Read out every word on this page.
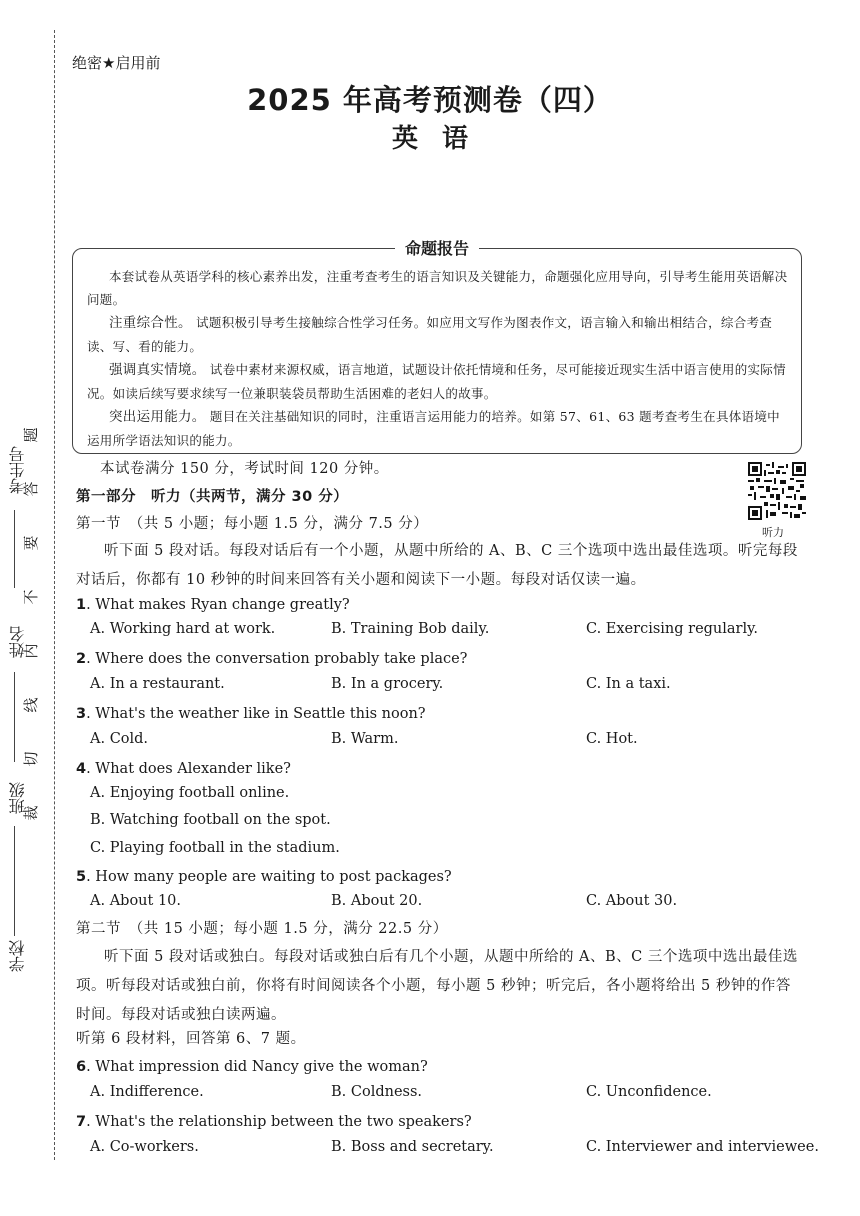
考生号
姓名
班级
学校
题
答
要
不
内
线
切
裁
绝密★启用前
2025 年高考预测卷（四）
英语
命题报告

本套试卷从英语学科的核心素养出发，注重考查考生的语言知识及关键能力，命题强化应用导向，引导考生能用英语解决问题。

注重综合性。 试题积极引导考生接触综合性学习任务。如应用文写作为图表作文，语言输入和输出相结合，综合考查读、写、看的能力。

强调真实情境。 试卷中素材来源权威，语言地道，试题设计依托情境和任务，尽可能接近现实生活中语言使用的实际情况。如读后续写要求续写一位兼职装袋员帮助生活困难的老妇人的故事。

突出运用能力。 题目在关注基础知识的同时，注重语言运用能力的培养。如第 57、61、63 题考查考生在具体语境中运用所学语法知识的能力。

本试卷满分 150 分，考试时间 120 分钟。
听力
第一部分　听力（共两节，满分 30 分）
第一节　（共 5 小题；每小题 1.5 分，满分 7.5 分）
听下面 5 段对话。每段对话后有一个小题，从题中所给的 A、B、C 三个选项中选出最佳选项。听完每段对话后，你都有 10 秒钟的时间来回答有关小题和阅读下一小题。每段对话仅读一遍。
1. What makes Ryan change greatly?
A. Working hard at work.	B. Training Bob daily.	C. Exercising regularly.
2. Where does the conversation probably take place?
A. In a restaurant.	B. In a grocery.	C. In a taxi.
3. What's the weather like in Seattle this noon?
A. Cold.	B. Warm.	C. Hot.
4. What does Alexander like?
A. Enjoying football online.
B. Watching football on the spot.
C. Playing football in the stadium.
5. How many people are waiting to post packages?
A. About 10.	B. About 20.	C. About 30.
第二节　（共 15 小题；每小题 1.5 分，满分 22.5 分）
听下面 5 段对话或独白。每段对话或独白后有几个小题，从题中所给的 A、B、C 三个选项中选出最佳选项。听每段对话或独白前，你将有时间阅读各个小题，每小题 5 秒钟；听完后，各小题将给出 5 秒钟的作答时间。每段对话或独白读两遍。
听第 6 段材料，回答第 6、7 题。
6. What impression did Nancy give the woman?
A. Indifference.	B. Coldness.	C. Unconfidence.
7. What's the relationship between the two speakers?
A. Co-workers.	B. Boss and secretary.	C. Interviewer and interviewee.
